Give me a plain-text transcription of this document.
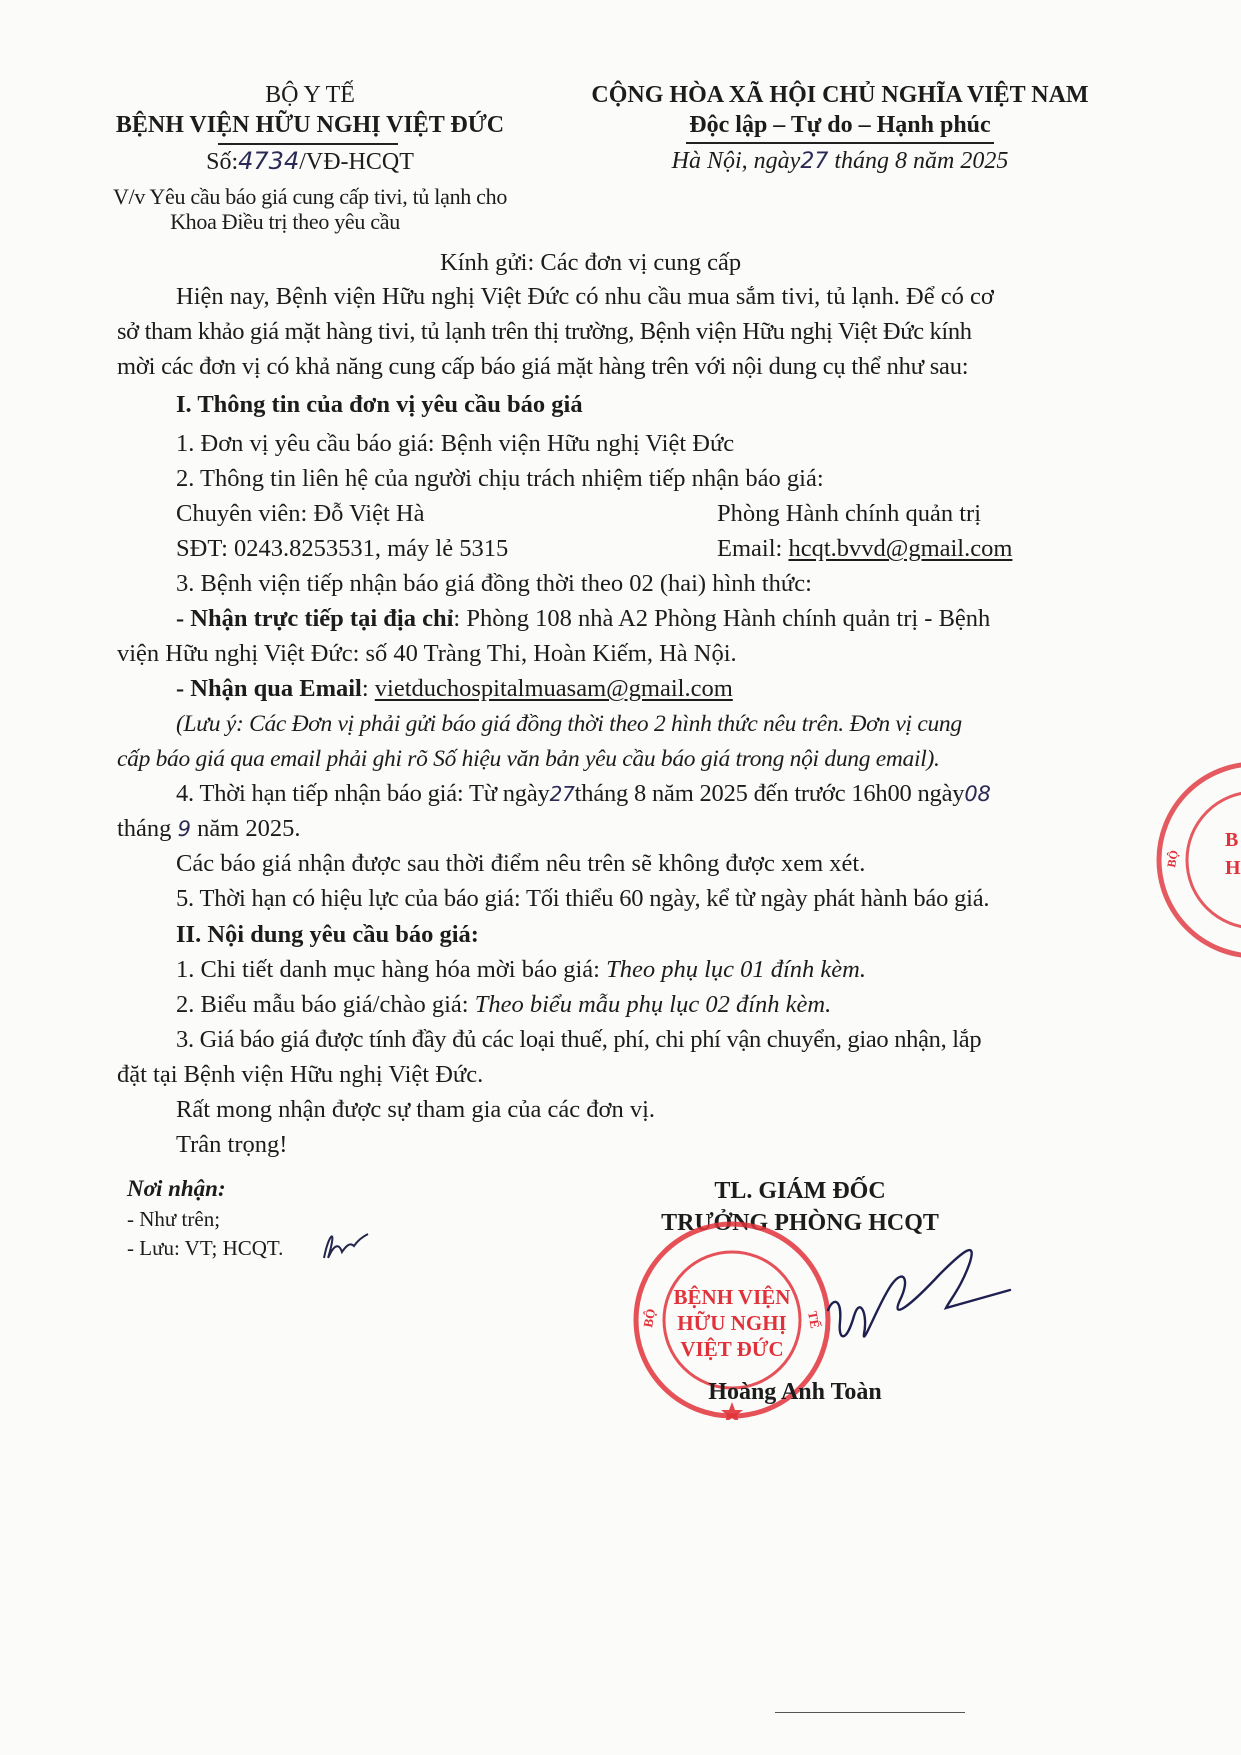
BỘ Y TẾ
BỆNH VIỆN HỮU NGHỊ VIỆT ĐỨC
Số:4734/VĐ-HCQT
V/v Yêu cầu báo giá cung cấp tivi, tủ lạnh cho
Khoa Điều trị theo yêu cầu
CỘNG HÒA XÃ HỘI CHỦ NGHĨA VIỆT NAM
Độc lập – Tự do – Hạnh phúc
Hà Nội, ngày27 tháng 8 năm 2025
Kính gửi: Các đơn vị cung cấp
Hiện nay, Bệnh viện Hữu nghị Việt Đức có nhu cầu mua sắm tivi, tủ lạnh. Để có cơ
sở tham khảo giá mặt hàng tivi, tủ lạnh trên thị trường, Bệnh viện Hữu nghị Việt Đức kính
mời các đơn vị có khả năng cung cấp báo giá mặt hàng trên với nội dung cụ thể như sau:
I. Thông tin của đơn vị yêu cầu báo giá
1. Đơn vị yêu cầu báo giá: Bệnh viện Hữu nghị Việt Đức
2. Thông tin liên hệ của người chịu trách nhiệm tiếp nhận báo giá:
Chuyên viên: Đỗ Việt Hà	Phòng Hành chính quản trị
SĐT: 0243.8253531, máy lẻ 5315	Email: hcqt.bvvd@gmail.com
3. Bệnh viện tiếp nhận báo giá đồng thời theo 02 (hai) hình thức:
- Nhận trực tiếp tại địa chỉ: Phòng 108 nhà A2 Phòng Hành chính quản trị - Bệnh
viện Hữu nghị Việt Đức: số 40 Tràng Thi, Hoàn Kiếm, Hà Nội.
- Nhận qua Email: vietduchospitalmuasam@gmail.com
(Lưu ý: Các Đơn vị phải gửi báo giá đồng thời theo 2 hình thức nêu trên. Đơn vị cung
cấp báo giá qua email phải ghi rõ Số hiệu văn bản yêu cầu báo giá trong nội dung email).
4. Thời hạn tiếp nhận báo giá: Từ ngày27tháng 8 năm 2025 đến trước 16h00 ngày08
tháng 9 năm 2025.
Các báo giá nhận được sau thời điểm nêu trên sẽ không được xem xét.
5. Thời hạn có hiệu lực của báo giá: Tối thiểu 60 ngày, kể từ ngày phát hành báo giá.
II. Nội dung yêu cầu báo giá:
1. Chi tiết danh mục hàng hóa mời báo giá: Theo phụ lục 01 đính kèm.
2. Biểu mẫu báo giá/chào giá: Theo biểu mẫu phụ lục 02 đính kèm.
3. Giá báo giá được tính đầy đủ các loại thuế, phí, chi phí vận chuyển, giao nhận, lắp
đặt tại Bệnh viện Hữu nghị Việt Đức.
Rất mong nhận được sự tham gia của các đơn vị.
Trân trọng!
Nơi nhận:
- Như trên;
- Lưu: VT; HCQT.
TL. GIÁM ĐỐC
TRƯỞNG PHÒNG HCQT
BỆNH VIỆN
HỮU NGHỊ
VIỆT ĐỨC
BỘ	TẾ
Hoàng Anh Toàn
B
H
BỘ
